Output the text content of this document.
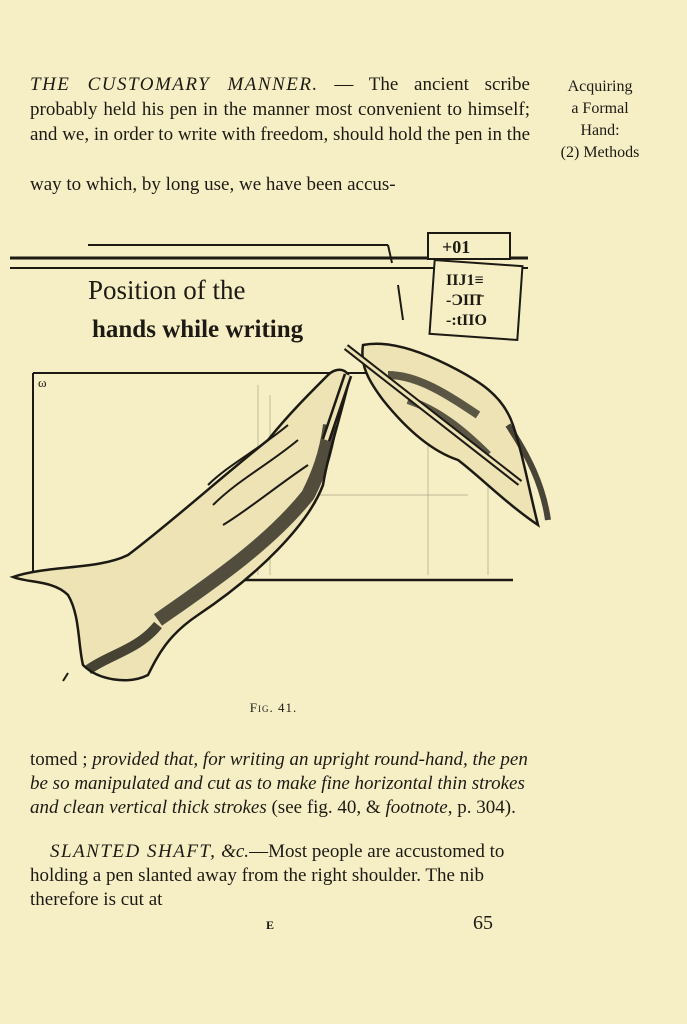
THE CUSTOMARY MANNER. — The ancient scribe probably held his pen in the manner most convenient to himself; and we, in order to write with freedom, should hold the pen in the

way to which, by long use, we have been accus-

Acquiring
a Formal
Hand:
(2) Methods
Position of the
hands while writing
ω
+01
IIJ1≡
-ƆIΠ̄
-:tIIO
Fig. 41.

tomed ; provided that, for writing an upright round-hand, the pen be so manipulated and cut as to make fine horizontal thin strokes and clean vertical thick strokes (see fig. 40, & footnote, p. 304).

SLANTED SHAFT, &c.—Most people are accustomed to holding a pen slanted away from the right shoulder. The nib therefore is cut at

E	65
